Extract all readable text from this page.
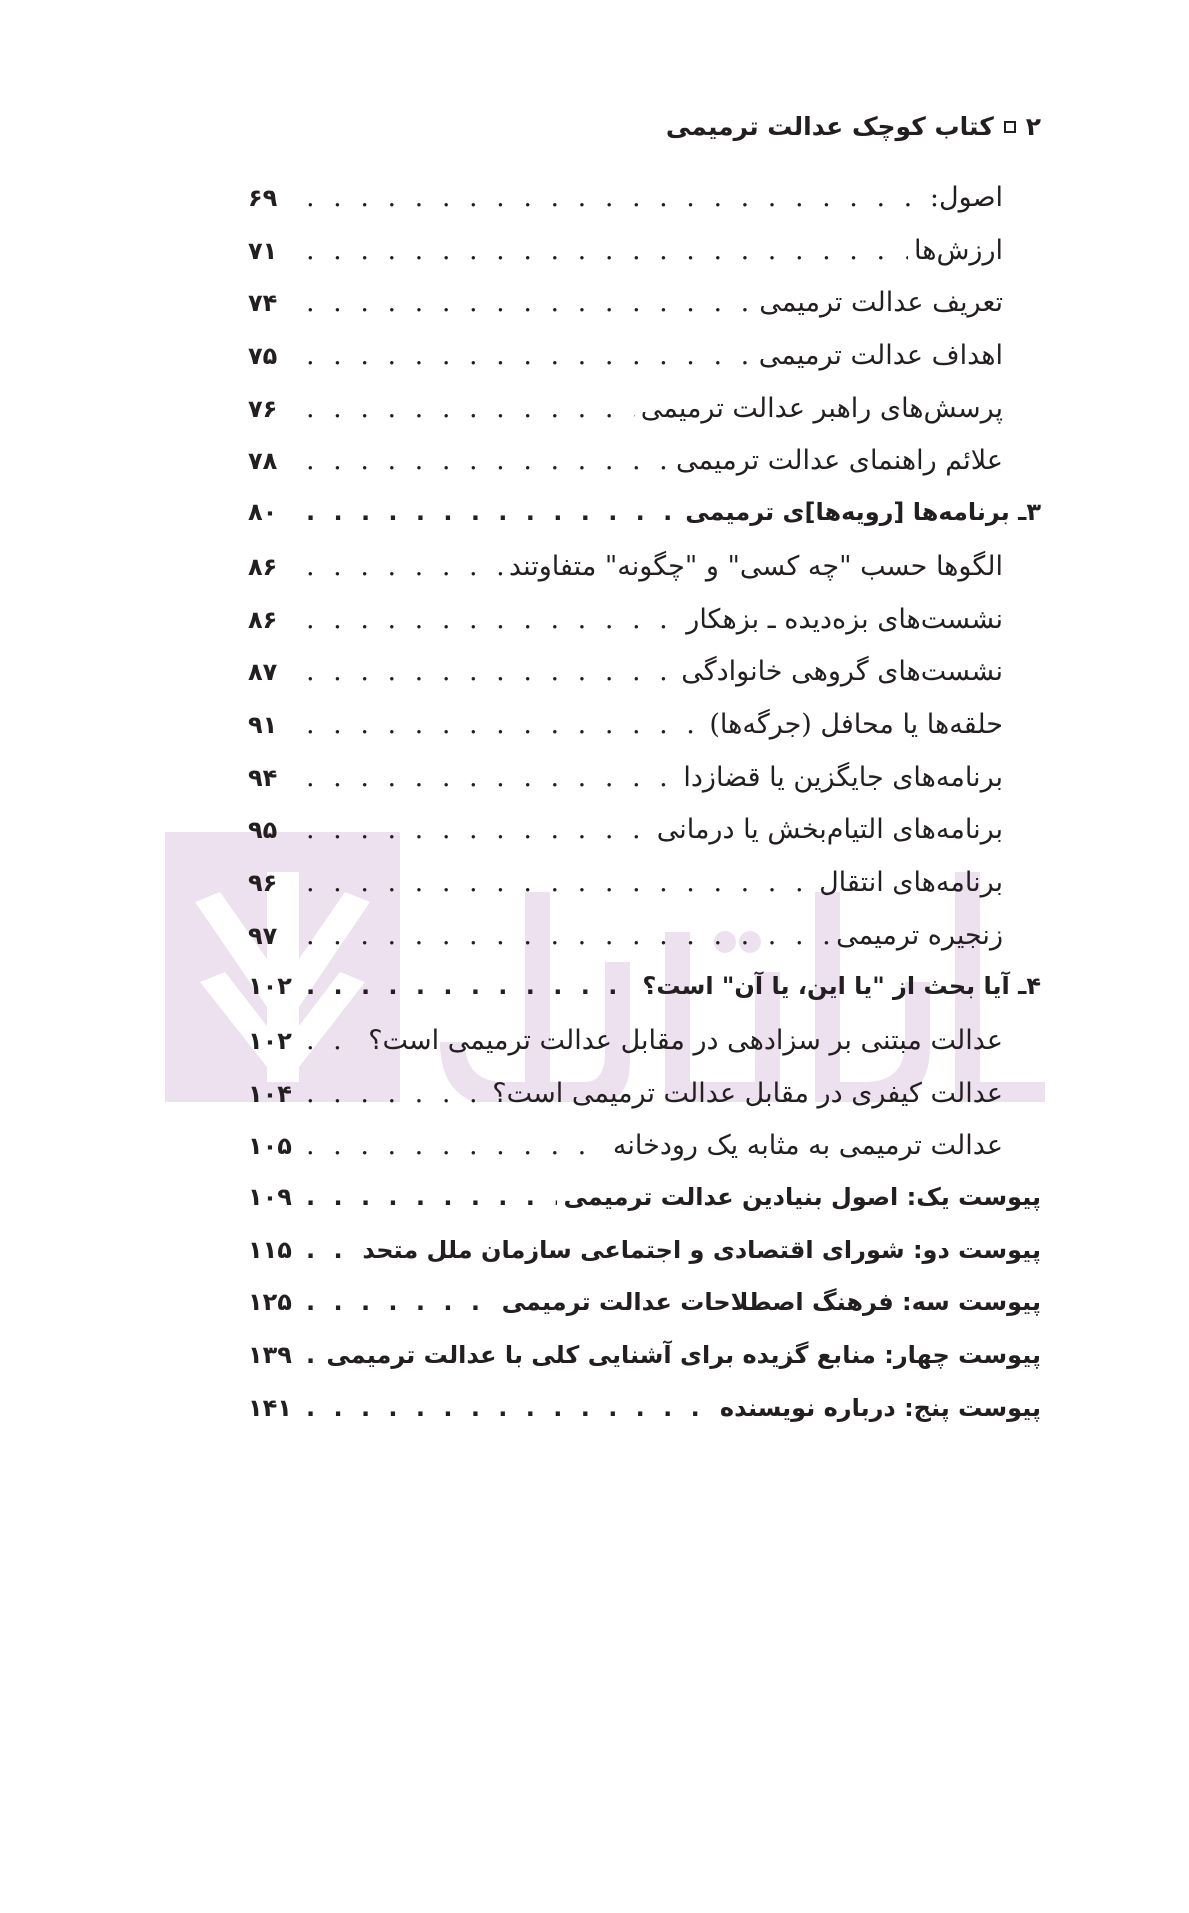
۲
کتاب کوچک عدالت ترمیمی
اصول:
. . .
۶۹
ارزش‌ها
. . .
۷۱
تعریف عدالت ترمیمی
. . .
۷۴
اهداف عدالت ترمیمی
. . .
۷۵
پرسش‌های راهبر عدالت ترمیمی
. . .
۷۶
علائم راهنمای عدالت ترمیمی
. . .
۷۸
۳ـ برنامه‌ها [رویه‌ها]ی ترمیمی
. . .
۸۰
الگوها حسب "چه کسی" و "چگونه" متفاوتند
. . .
۸۶
نشست‌های بزه‌دیده ـ بزهکار
. . .
۸۶
نشست‌های گروهی خانوادگی
. . .
۸۷
حلقه‌ها یا محافل (جرگه‌ها)
. . .
۹۱
برنامه‌های جایگزین یا قضازدا
. . .
۹۴
برنامه‌های التیام‌بخش یا درمانی
. . .
۹۵
برنامه‌های انتقال
. . .
۹۶
زنجیره ترمیمی
. . .
۹۷
۴ـ آیا بحث از "یا این، یا آن" است؟
. . .
۱۰۲
عدالت مبتنی بر سزادهی در مقابل عدالت ترمیمی است؟
. . .
۱۰۲
عدالت کیفری در مقابل عدالت ترمیمی است؟
. . .
۱۰۴
عدالت ترمیمی به مثابه یک رودخانه
. . .
۱۰۵
پیوست یک: اصول بنیادین عدالت ترمیمی
. . .
۱۰۹
پیوست دو: شورای اقتصادی و اجتماعی سازمان ملل متحد
. . .
۱۱۵
پیوست سه: فرهنگ اصطلاحات عدالت ترمیمی
. . .
۱۲۵
پیوست چهار: منابع گزیده برای آشنایی کلی با عدالت ترمیمی
. . .
۱۳۹
پیوست پنج: درباره نویسنده
. . .
۱۴۱
